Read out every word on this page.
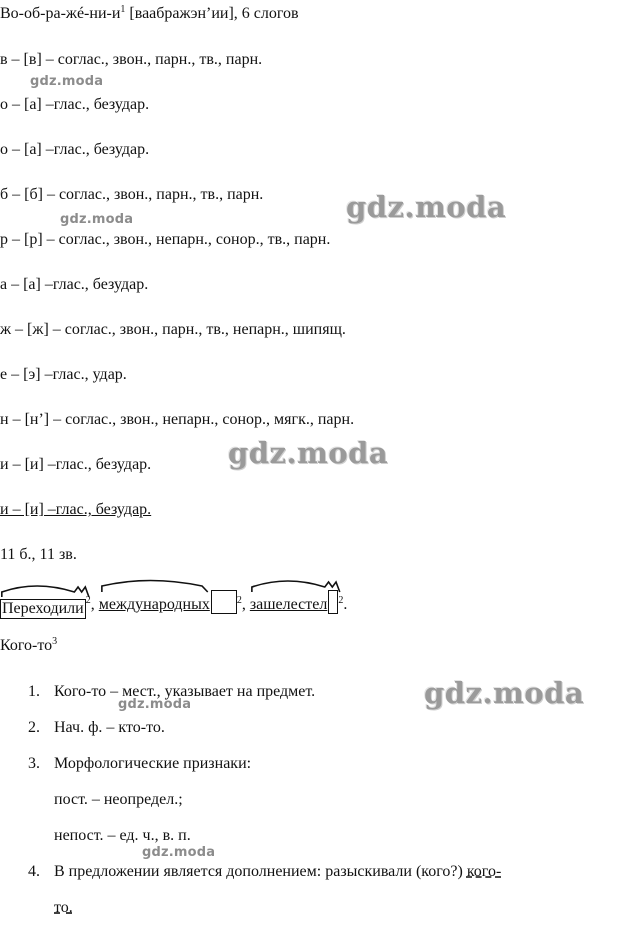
$Во-об-ра-жé-ни-и^1$ [ваабражэн’ии], 6 слогов
в – [в] – соглас., звон., парн., тв., парн.
о – [а] –глас., безудар.
о – [а] –глас., безудар.
б – [б] – соглас., звон., парн., тв., парн.
р – [р] – соглас., звон., непарн., сонор., тв., парн.
а – [а] –глас., безудар.
ж – [ж] – соглас., звон., парн., тв., непарн., шипящ.
е – [э] –глас., удар.
н – [н’] – соглас., звон., непарн., сонор., мягк., парн.
и – [и] –глас., безудар.
и – [и] –глас., безудар.
11 б., 11 зв.
Переходили $^2$, международных	$^2$, зашелестел $^2$.
Кого-$то^3$
1. Кого-то – мест., указывает на предмет.
2. Нач. ф. – кто-то.
3. Морфологические признаки:
пост. – неопредел.;
непост. – ед. ч., в. п.
4. В предложении является дополнением: разыскивали (кого?) кого-
то.
gdz.moda
gdz.moda
gdz.moda
gdz.moda
gdz.moda
gdz.moda
gdz.moda
